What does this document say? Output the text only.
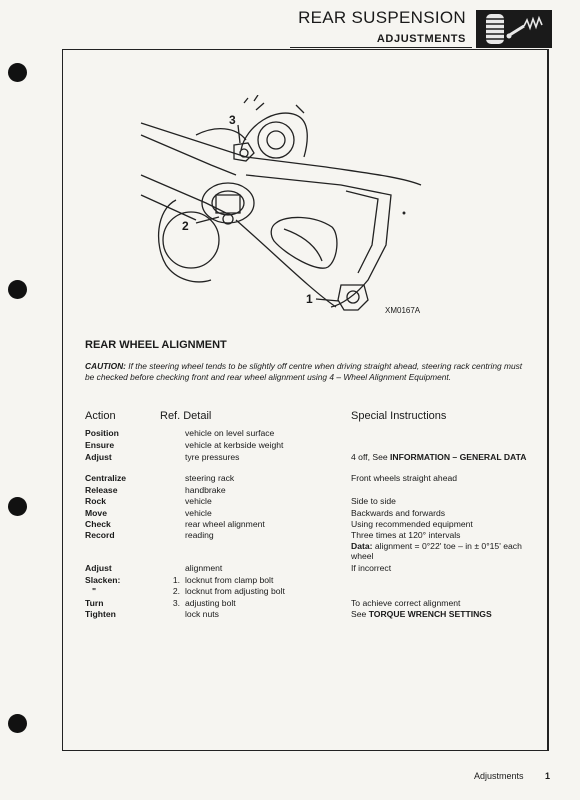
REAR SUSPENSION
ADJUSTMENTS
3
2
1
XM0167A
REAR WHEEL ALIGNMENT
CAUTION: If the steering wheel tends to be slightly off centre when driving straight ahead, steering rack centring must be checked before checking front and rear wheel alignment using 4 – Wheel Alignment Equipment.
Action	Ref. Detail	Special Instructions
Position	vehicle on level surface
Ensure	vehicle at kerbside weight
Adjust	tyre pressures	4 off, See INFORMATION – GENERAL DATA
Centralize	steering rack	Front wheels straight ahead
Release	handbrake
Rock	vehicle	Side to side
Move	vehicle	Backwards and forwards
Check	rear wheel alignment	Using recommended equipment
Record	reading	Three times at 120° intervals
Data: alignment = 0°22' toe – in ± 0°15' each wheel
Adjust	alignment	If incorrect
Slacken:	1. locknut from clamp bolt
"	2. locknut from adjusting bolt
Turn	3. adjusting bolt	To achieve correct alignment
Tighten	lock nuts	See TORQUE WRENCH SETTINGS
Adjustments 1
